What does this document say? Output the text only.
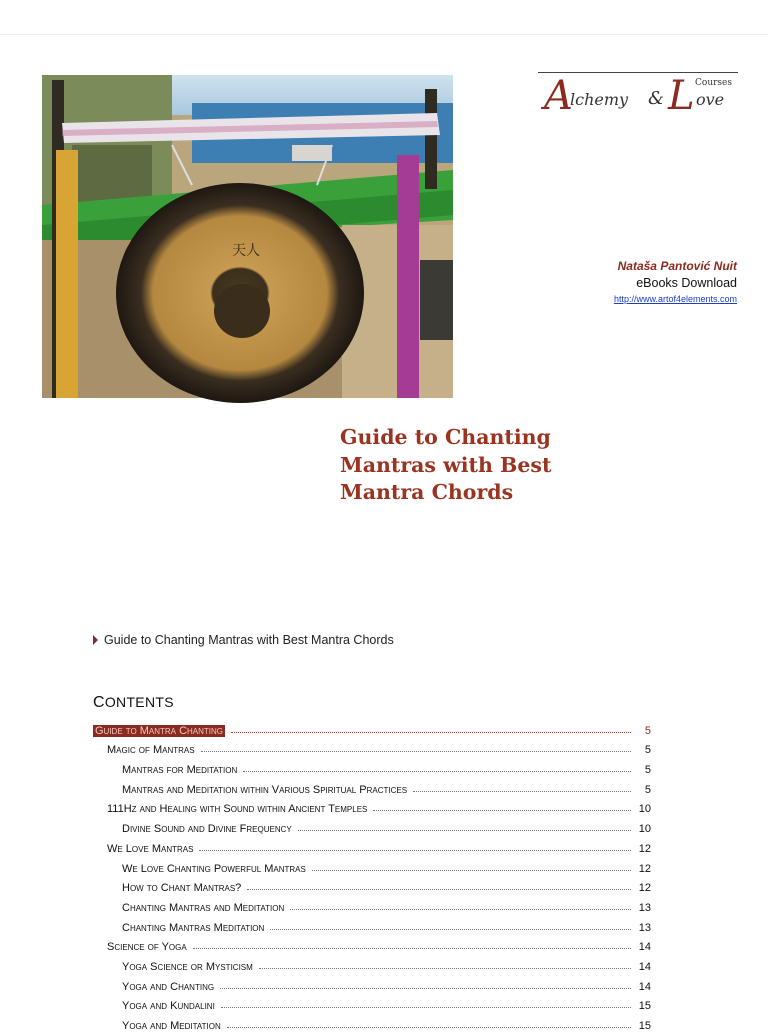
天人
Courses
A
lchemy & L ove
Nataša Pantović Nuit
eBooks Download
http://www.artof4elements.com
Guide to Chanting Mantras with Best Mantra Chords
Guide to Chanting Mantras with Best Mantra Chords
CONTENTS
Guide to Mantra Chanting	5
Magic of Mantras	5
Mantras for Meditation	5
Mantras and Meditation within Various Spiritual Practices	5
111Hz and Healing with Sound within Ancient Temples	10
Divine Sound and Divine Frequency	10
We Love Mantras	12
We Love Chanting Powerful Mantras	12
How to Chant Mantras?	12
Chanting Mantras and Meditation	13
Chanting Mantras Meditation	13
Science of Yoga	14
Yoga Science or Mysticism	14
Yoga and Chanting	14
Yoga and Kundalini	15
Yoga and Meditation	15
